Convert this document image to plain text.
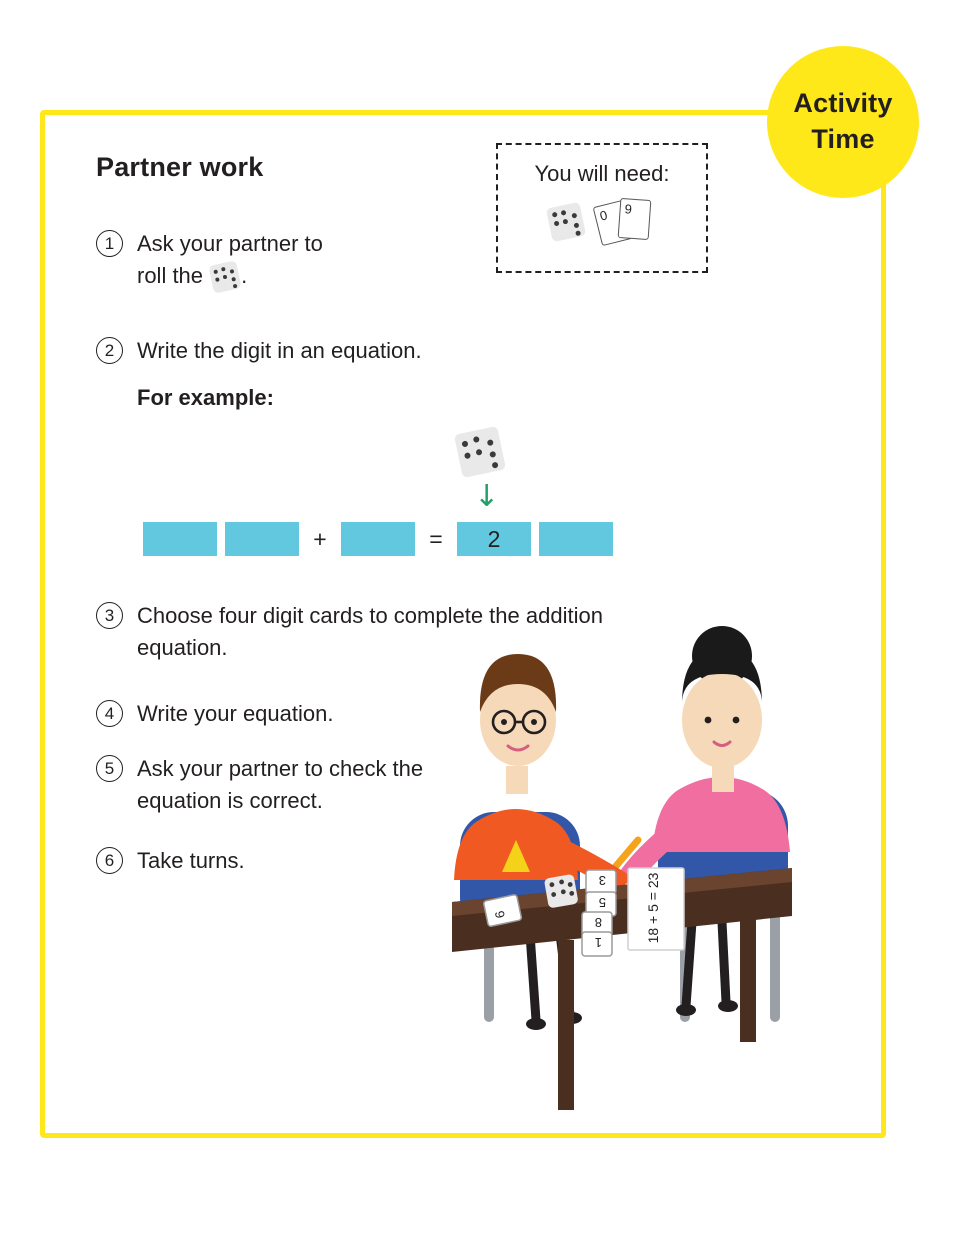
Activity
Time
Partner work	You will need:
0 9
1	Ask your partner to
roll the .
2	Write the digit in an equation.
For example:
↓
+	=	2
3	Choose four digit cards to complete the addition equation.
4	Write your equation.
5	Ask your partner to check the equation is correct.
6	Take turns.
6
3
5
8
1	18 + 5 = 23
